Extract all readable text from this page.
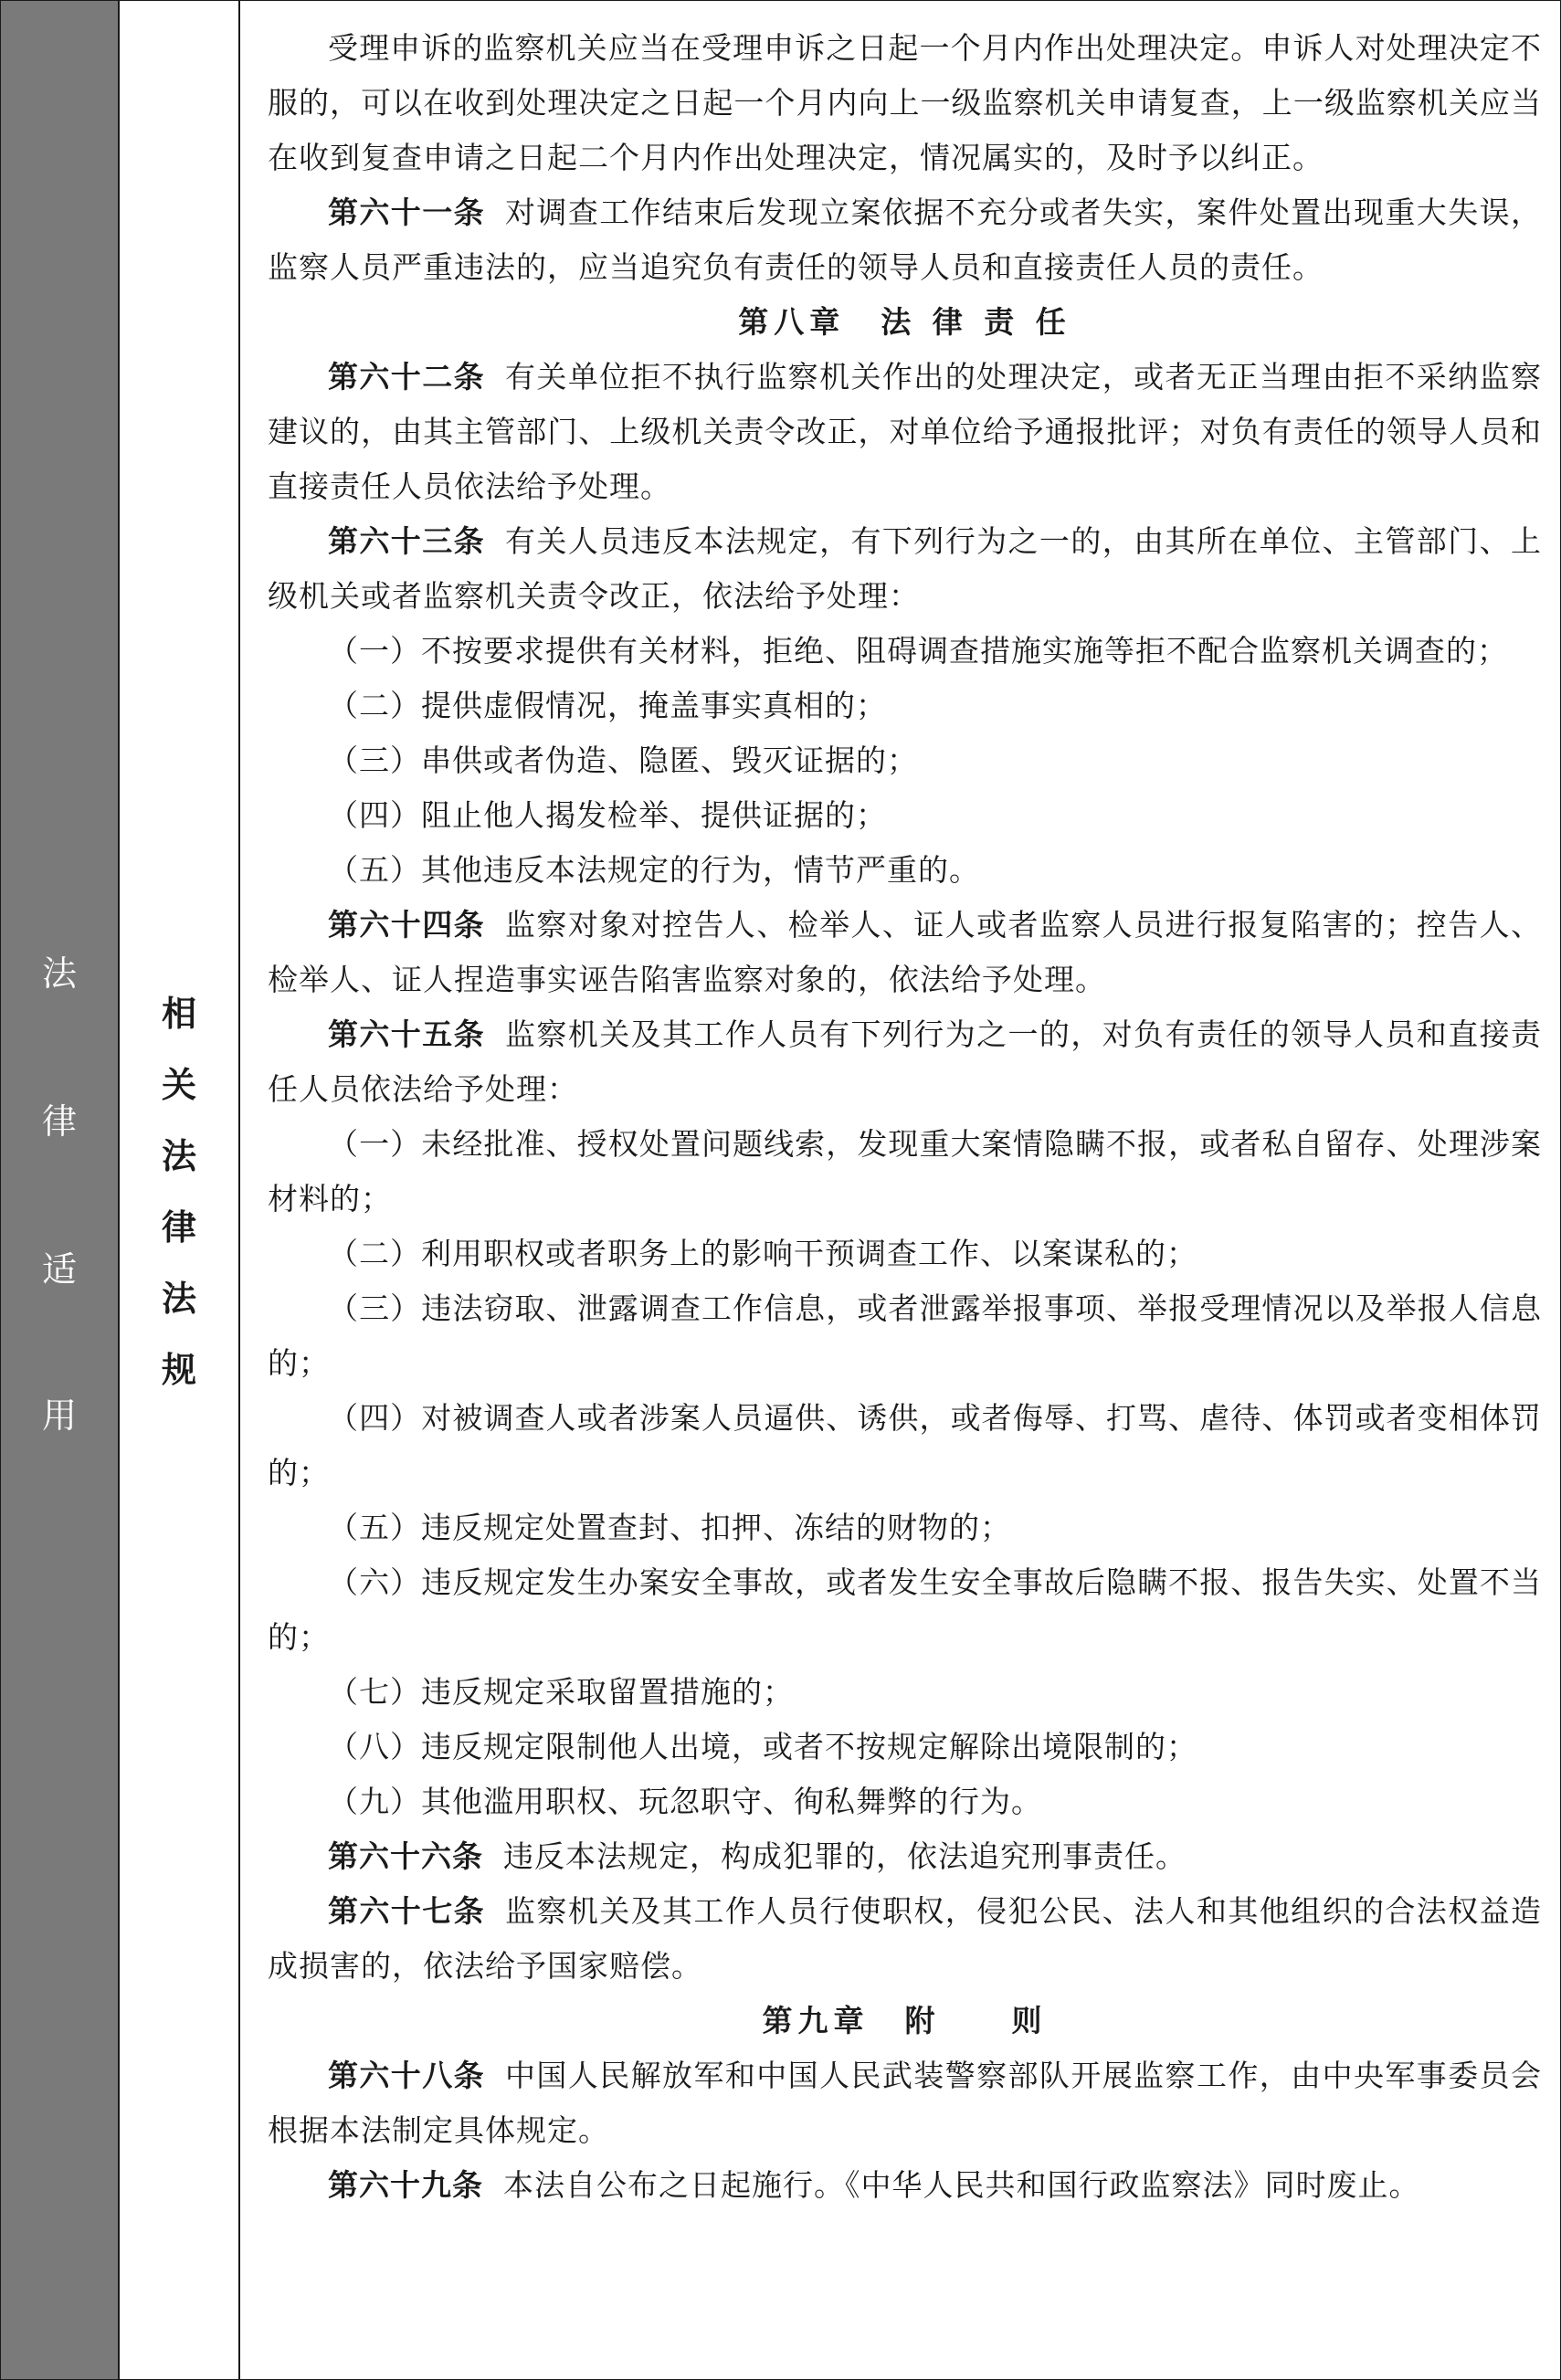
法
律
适
用
相
关
法
律
法
规

受理申诉的监察机关应当在受理申诉之日起一个月内作出处理决定。申诉人对处理决定不服的，可以在收到处理决定之日起一个月内向上一级监察机关申请复查，上一级监察机关应当在收到复查申请之日起二个月内作出处理决定，情况属实的，及时予以纠正。

第六十一条 对调查工作结束后发现立案依据不充分或者失实，案件处置出现重大失误，监察人员严重违法的，应当追究负有责任的领导人员和直接责任人员的责任。

第八章　法 律 责 任

第六十二条 有关单位拒不执行监察机关作出的处理决定，或者无正当理由拒不采纳监察建议的，由其主管部门、上级机关责令改正，对单位给予通报批评；对负有责任的领导人员和直接责任人员依法给予处理。

第六十三条 有关人员违反本法规定，有下列行为之一的，由其所在单位、主管部门、上级机关或者监察机关责令改正，依法给予处理：

（一）不按要求提供有关材料，拒绝、阻碍调查措施实施等拒不配合监察机关调查的；

（二）提供虚假情况，掩盖事实真相的；

（三）串供或者伪造、隐匿、毁灭证据的；

（四）阻止他人揭发检举、提供证据的；

（五）其他违反本法规定的行为，情节严重的。

第六十四条 监察对象对控告人、检举人、证人或者监察人员进行报复陷害的；控告人、检举人、证人捏造事实诬告陷害监察对象的，依法给予处理。

第六十五条 监察机关及其工作人员有下列行为之一的，对负有责任的领导人员和直接责任人员依法给予处理：

（一）未经批准、授权处置问题线索，发现重大案情隐瞒不报，或者私自留存、处理涉案材料的；

（二）利用职权或者职务上的影响干预调查工作、以案谋私的；

（三）违法窃取、泄露调查工作信息，或者泄露举报事项、举报受理情况以及举报人信息的；

（四）对被调查人或者涉案人员逼供、诱供，或者侮辱、打骂、虐待、体罚或者变相体罚的；

（五）违反规定处置查封、扣押、冻结的财物的；

（六）违反规定发生办案安全事故，或者发生安全事故后隐瞒不报、报告失实、处置不当的；

（七）违反规定采取留置措施的；

（八）违反规定限制他人出境，或者不按规定解除出境限制的；

（九）其他滥用职权、玩忽职守、徇私舞弊的行为。

第六十六条 违反本法规定，构成犯罪的，依法追究刑事责任。

第六十七条 监察机关及其工作人员行使职权，侵犯公民、法人和其他组织的合法权益造成损害的，依法给予国家赔偿。

第九章　附　　则

第六十八条 中国人民解放军和中国人民武装警察部队开展监察工作，由中央军事委员会根据本法制定具体规定。

第六十九条 本法自公布之日起施行。《中华人民共和国行政监察法》同时废止。
